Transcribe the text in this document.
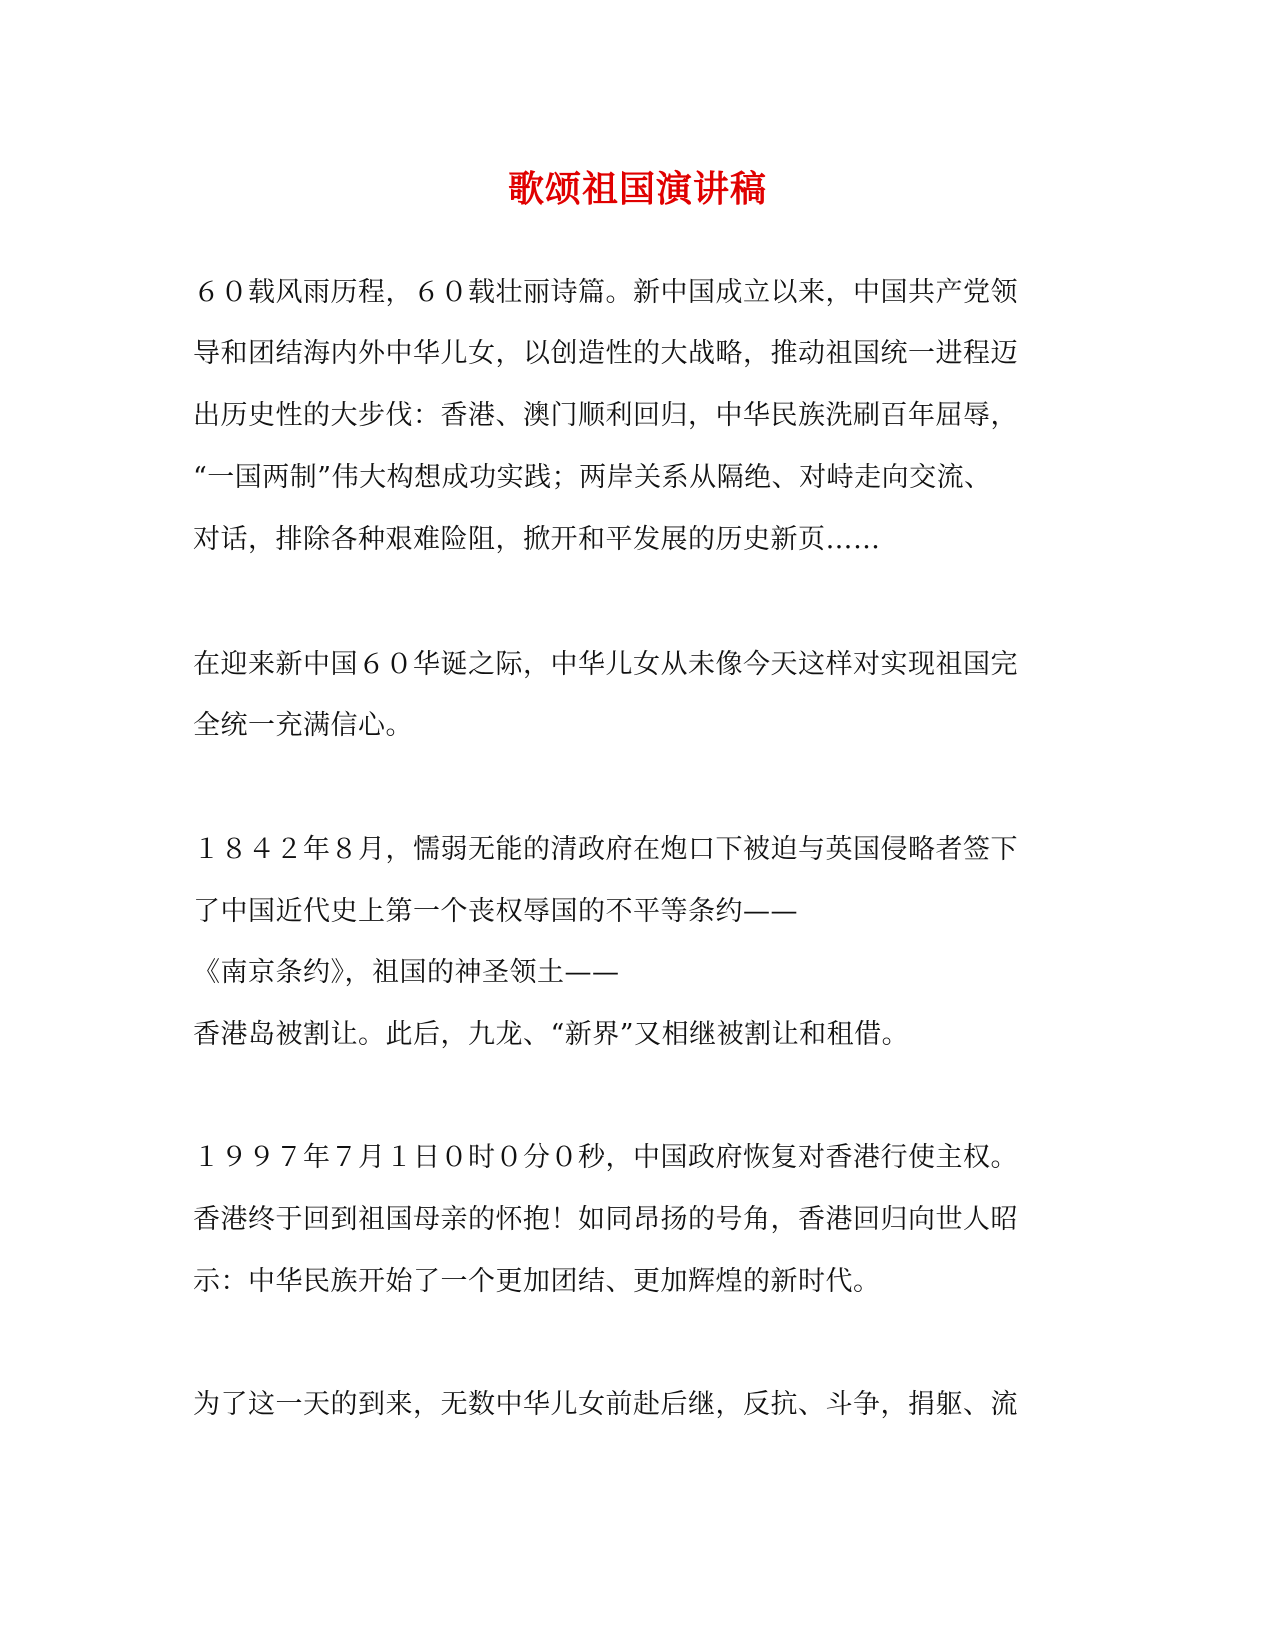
歌颂祖国演讲稿
６０载风雨历程，６０载壮丽诗篇。新中国成立以来，中国共产党领
导和团结海内外中华儿女，以创造性的大战略，推动祖国统一进程迈
出历史性的大步伐：香港、澳门顺利回归，中华民族洗刷百年屈辱，
“一国两制”伟大构想成功实践；两岸关系从隔绝、对峙走向交流、
对话，排除各种艰难险阻，掀开和平发展的历史新页……
在迎来新中国６０华诞之际，中华儿女从未像今天这样对实现祖国完
全统一充满信心。
１８４２年８月，懦弱无能的清政府在炮口下被迫与英国侵略者签下
了中国近代史上第一个丧权辱国的不平等条约——
《南京条约》，祖国的神圣领土——
香港岛被割让。此后，九龙、“新界”又相继被割让和租借。
１９９７年７月１日０时０分０秒，中国政府恢复对香港行使主权。
香港终于回到祖国母亲的怀抱！如同昂扬的号角，香港回归向世人昭
示：中华民族开始了一个更加团结、更加辉煌的新时代。
为了这一天的到来，无数中华儿女前赴后继，反抗、斗争，捐躯、流
